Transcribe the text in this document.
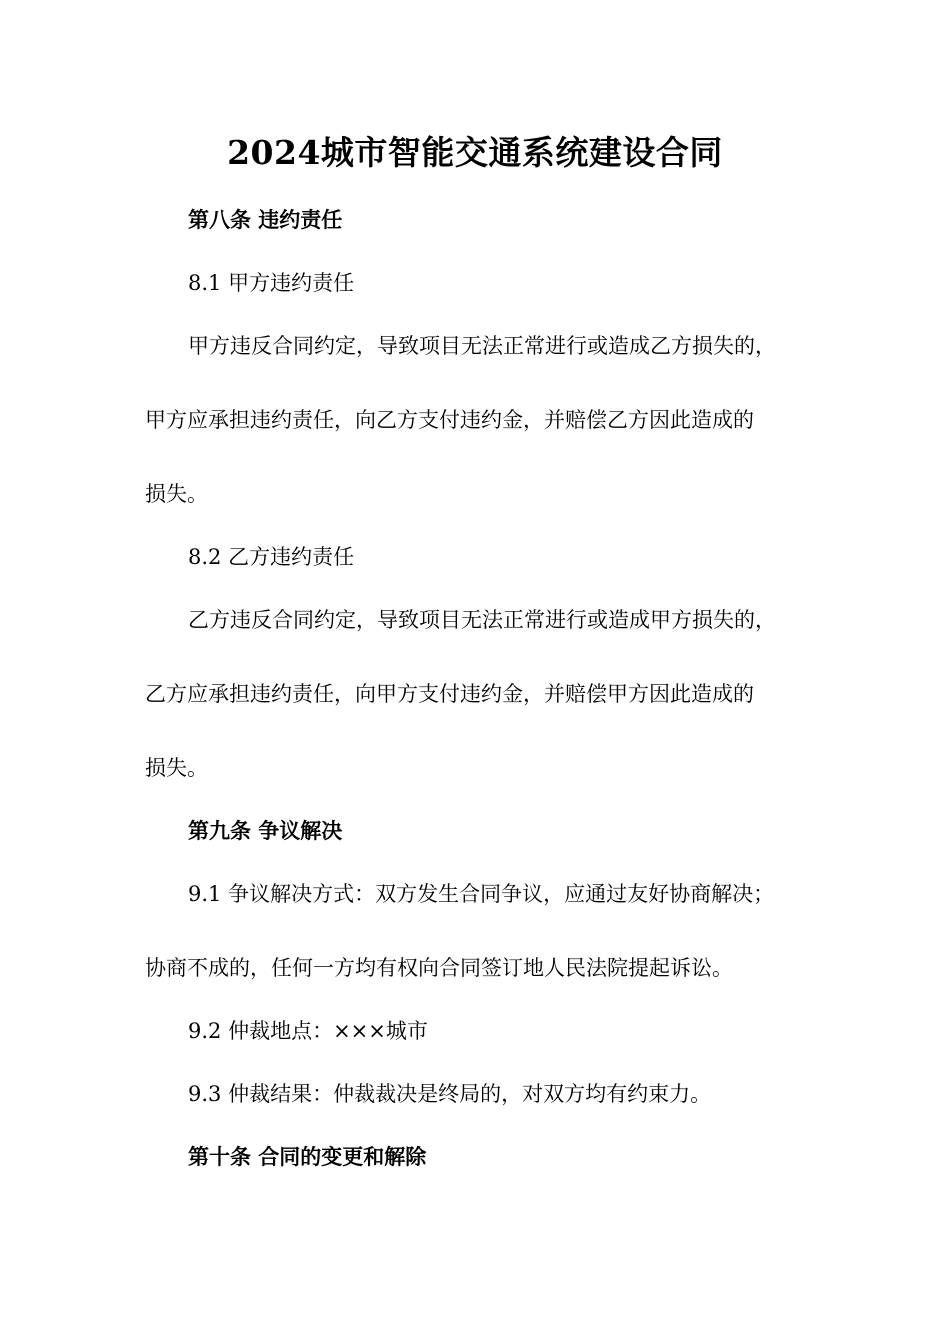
2024城市智能交通系统建设合同
第八条 违约责任
8.1 甲方违约责任
甲方违反合同约定，导致项目无法正常进行或造成乙方损失的，
甲方应承担违约责任，向乙方支付违约金，并赔偿乙方因此造成的
损失。
8.2 乙方违约责任
乙方违反合同约定，导致项目无法正常进行或造成甲方损失的，
乙方应承担违约责任，向甲方支付违约金，并赔偿甲方因此造成的
损失。
第九条 争议解决
9.1 争议解决方式：双方发生合同争议，应通过友好协商解决；
协商不成的，任何一方均有权向合同签订地人民法院提起诉讼。
9.2 仲裁地点：×××城市
9.3 仲裁结果：仲裁裁决是终局的，对双方均有约束力。
第十条 合同的变更和解除
